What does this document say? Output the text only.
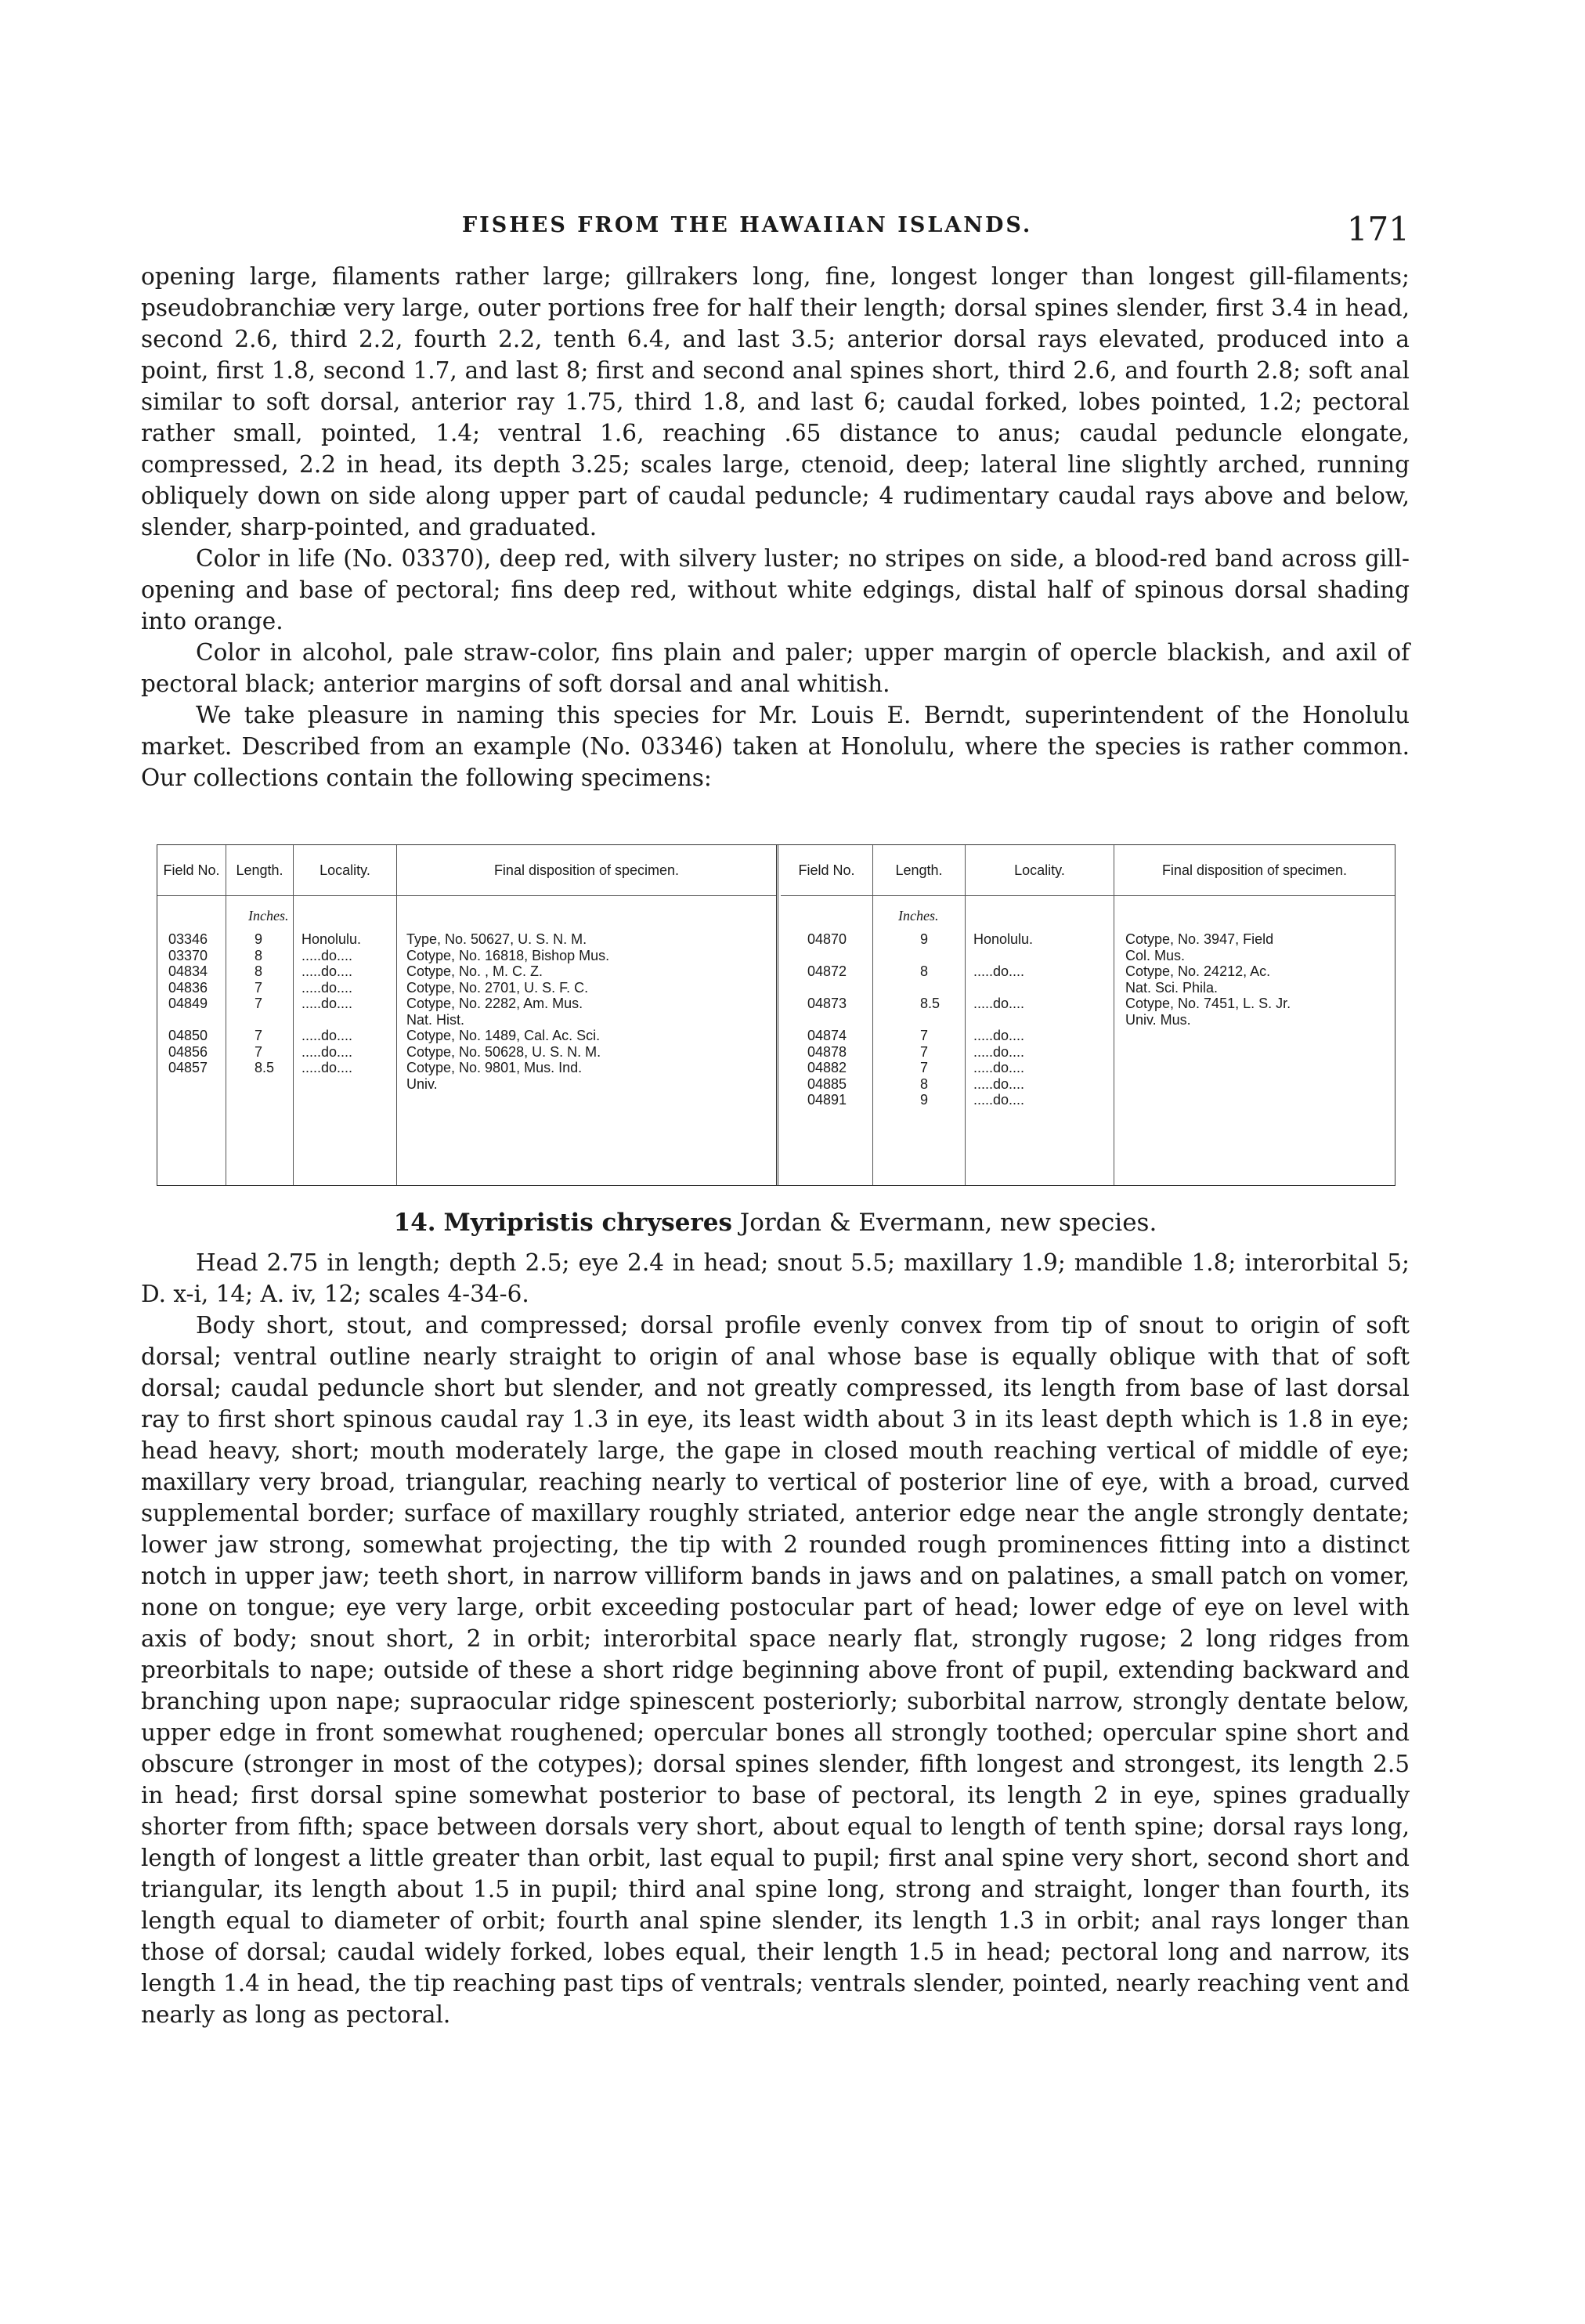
FISHES FROM THE HAWAIIAN ISLANDS.	171

opening large, filaments rather large; gillrakers long, fine, longest longer than longest gill-filaments; pseudobranchiæ very large, outer portions free for half their length; dorsal spines slender, first 3.4 in head, second 2.6, third 2.2, fourth 2.2, tenth 6.4, and last 3.5; anterior dorsal rays elevated, produced into a point, first 1.8, second 1.7, and last 8; first and second anal spines short, third 2.6, and fourth 2.8; soft anal similar to soft dorsal, anterior ray 1.75, third 1.8, and last 6; caudal forked, lobes pointed, 1.2; pectoral rather small, pointed, 1.4; ventral 1.6, reaching .65 distance to anus; caudal peduncle elongate, compressed, 2.2 in head, its depth 3.25; scales large, ctenoid, deep; lateral line slightly arched, running obliquely down on side along upper part of caudal peduncle; 4 rudimentary caudal rays above and below, slender, sharp-pointed, and graduated.

Color in life (No. 03370), deep red, with silvery luster; no stripes on side, a blood-red band across gill-opening and base of pectoral; fins deep red, without white edgings, distal half of spinous dorsal shading into orange.

Color in alcohol, pale straw-color, fins plain and paler; upper margin of opercle blackish, and axil of pectoral black; anterior margins of soft dorsal and anal whitish.

We take pleasure in naming this species for Mr. Louis E. Berndt, superintendent of the Honolulu market. Described from an example (No. 03346) taken at Honolulu, where the species is rather common. Our collections contain the following specimens:

Field No.	Length.	Locality.	Final disposition of specimen.
Inches.
03346	9	Honolulu.	Type, No. 50627, U. S. N. M.
03370	8	.....do....	Cotype, No. 16818, Bishop Mus.
04834	8	.....do....	Cotype, No. , M. C. Z.
04836	7	.....do....	Cotype, No. 2701, U. S. F. C.
04849	7	.....do....	Cotype, No. 2282, Am. Mus.
Nat. Hist.
04850	7	.....do....	Cotype, No. 1489, Cal. Ac. Sci.
04856	7	.....do....	Cotype, No. 50628, U. S. N. M.
04857	8.5 .....do....	Cotype, No. 9801, Mus. Ind.
Univ.
Field No.	Length.	Locality.	Final disposition of specimen.
Inches.
04870	9	Honolulu.	Cotype, No. 3947, Field
Col. Mus.
04872	8	.....do....	Cotype, No. 24212, Ac.
Nat. Sci. Phila.
04873	8.5 .....do....	Cotype, No. 7451, L. S. Jr.
Univ. Mus.
04874	7	.....do....
04878	7	.....do....
04882	7	.....do....
04885	8	.....do....
04891	9	.....do....
14. Myripristis chryseres Jordan & Evermann, new species.

Head 2.75 in length; depth 2.5; eye 2.4 in head; snout 5.5; maxillary 1.9; mandible 1.8; interorbital 5; D. x-i, 14; A. iv, 12; scales 4-34-6.

Body short, stout, and compressed; dorsal profile evenly convex from tip of snout to origin of soft dorsal; ventral outline nearly straight to origin of anal whose base is equally oblique with that of soft dorsal; caudal peduncle short but slender, and not greatly compressed, its length from base of last dorsal ray to first short spinous caudal ray 1.3 in eye, its least width about 3 in its least depth which is 1.8 in eye; head heavy, short; mouth moderately large, the gape in closed mouth reaching vertical of middle of eye; maxillary very broad, triangular, reaching nearly to vertical of posterior line of eye, with a broad, curved supplemental border; surface of maxillary roughly striated, anterior edge near the angle strongly dentate; lower jaw strong, somewhat projecting, the tip with 2 rounded rough prominences fitting into a distinct notch in upper jaw; teeth short, in narrow villiform bands in jaws and on palatines, a small patch on vomer, none on tongue; eye very large, orbit exceeding postocular part of head; lower edge of eye on level with axis of body; snout short, 2 in orbit; interorbital space nearly flat, strongly rugose; 2 long ridges from preorbitals to nape; outside of these a short ridge beginning above front of pupil, extending backward and branching upon nape; supraocular ridge spinescent posteriorly; suborbital narrow, strongly dentate below, upper edge in front somewhat roughened; opercular bones all strongly toothed; opercular spine short and obscure (stronger in most of the cotypes); dorsal spines slender, fifth longest and strongest, its length 2.5 in head; first dorsal spine somewhat posterior to base of pectoral, its length 2 in eye, spines gradually shorter from fifth; space between dorsals very short, about equal to length of tenth spine; dorsal rays long, length of longest a little greater than orbit, last equal to pupil; first anal spine very short, second short and triangular, its length about 1.5 in pupil; third anal spine long, strong and straight, longer than fourth, its length equal to diameter of orbit; fourth anal spine slender, its length 1.3 in orbit; anal rays longer than those of dorsal; caudal widely forked, lobes equal, their length 1.5 in head; pectoral long and narrow, its length 1.4 in head, the tip reaching past tips of ventrals; ventrals slender, pointed, nearly reaching vent and nearly as long as pectoral.
